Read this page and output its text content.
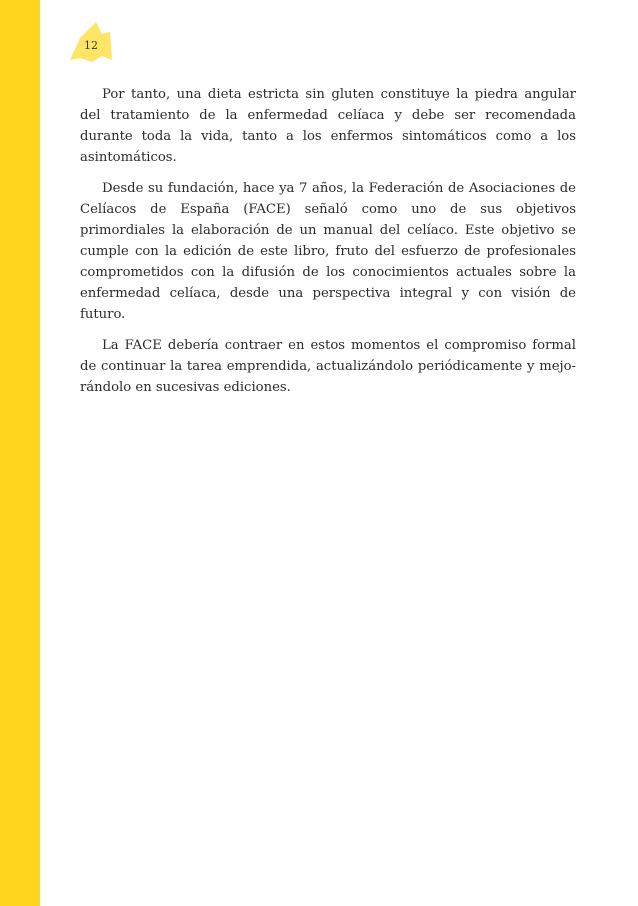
12

Por tanto, una dieta estricta sin gluten constituye la piedra angular del tratamiento de la enfermedad celíaca y debe ser recomendada durante toda la vida, tanto a los enfermos sintomáticos como a los asintomáticos.

Desde su fundación, hace ya 7 años, la Federación de Asociaciones de Celíacos de España (FACE) señaló como uno de sus objetivos primordiales la elaboración de un manual del celíaco. Este objetivo se cumple con la edición de este libro, fruto del esfuerzo de profesionales comprometidos con la difusión de los conocimientos actuales sobre la enfermedad celíaca, desde una perspectiva integral y con visión de futuro.

La FACE debería contraer en estos momentos el compromiso formal de continuar la tarea emprendida, actualizándolo periódicamente y mejorándolo en sucesivas ediciones.
